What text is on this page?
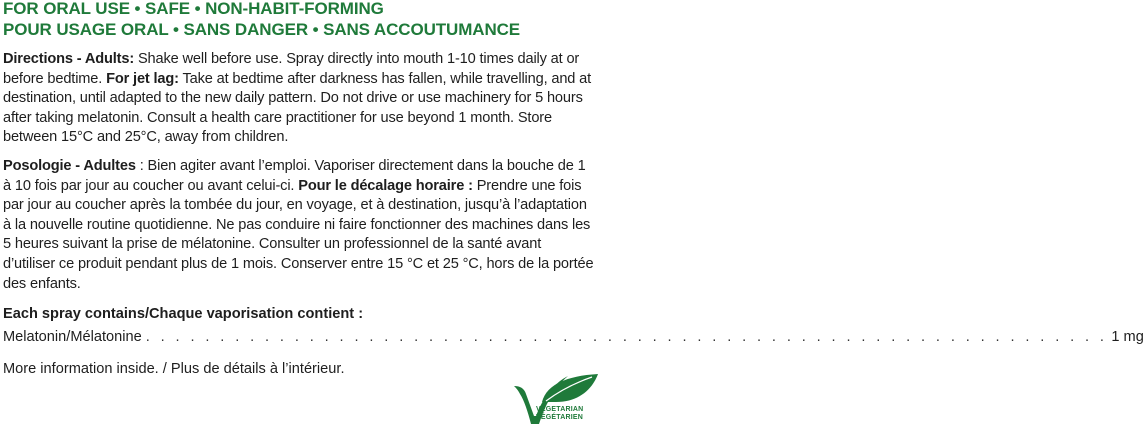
FOR ORAL USE • SAFE • NON-HABIT-FORMING

POUR USAGE ORAL • SANS DANGER • SANS ACCOUTUMANCE

Directions - Adults: Shake well before use. Spray directly into mouth 1-10 times daily at or before bedtime. For jet lag: Take at bedtime after darkness has fallen, while travelling, and at destination, until adapted to the new daily pattern. Do not drive or use machinery for 5 hours after taking melatonin. Consult a health care practitioner for use beyond 1 month. Store between 15°C and 25°C, away from children.

Posologie - Adultes : Bien agiter avant l’emploi. Vaporiser directement dans la bouche de 1 à 10 fois par jour au coucher ou avant celui-ci. Pour le décalage horaire : Prendre une fois par jour au coucher après la tombée du jour, en voyage, et à destination, jusqu’à l’adaptation à la nouvelle routine quotidienne. Ne pas conduire ni faire fonctionner des machines dans les 5 heures suivant la prise de mélatonine. Consulter un professionnel de la santé avant d’utiliser ce produit pendant plus de 1 mois. Conserver entre 15 °C et 25 °C, hors de la portée des enfants.

Each spray contains/Chaque vaporisation contient :

Melatonin/Mélatonine . . . . . . . . . . . . . . . . . . . . . . . . . . . . . . . . . . . . . . . . . . . . . . . . . . . . . . . . . . . . . . . . . 1 mg

More information inside. / Plus de détails à l’intérieur.

VEGETARIAN
VÉGÉTARIEN
